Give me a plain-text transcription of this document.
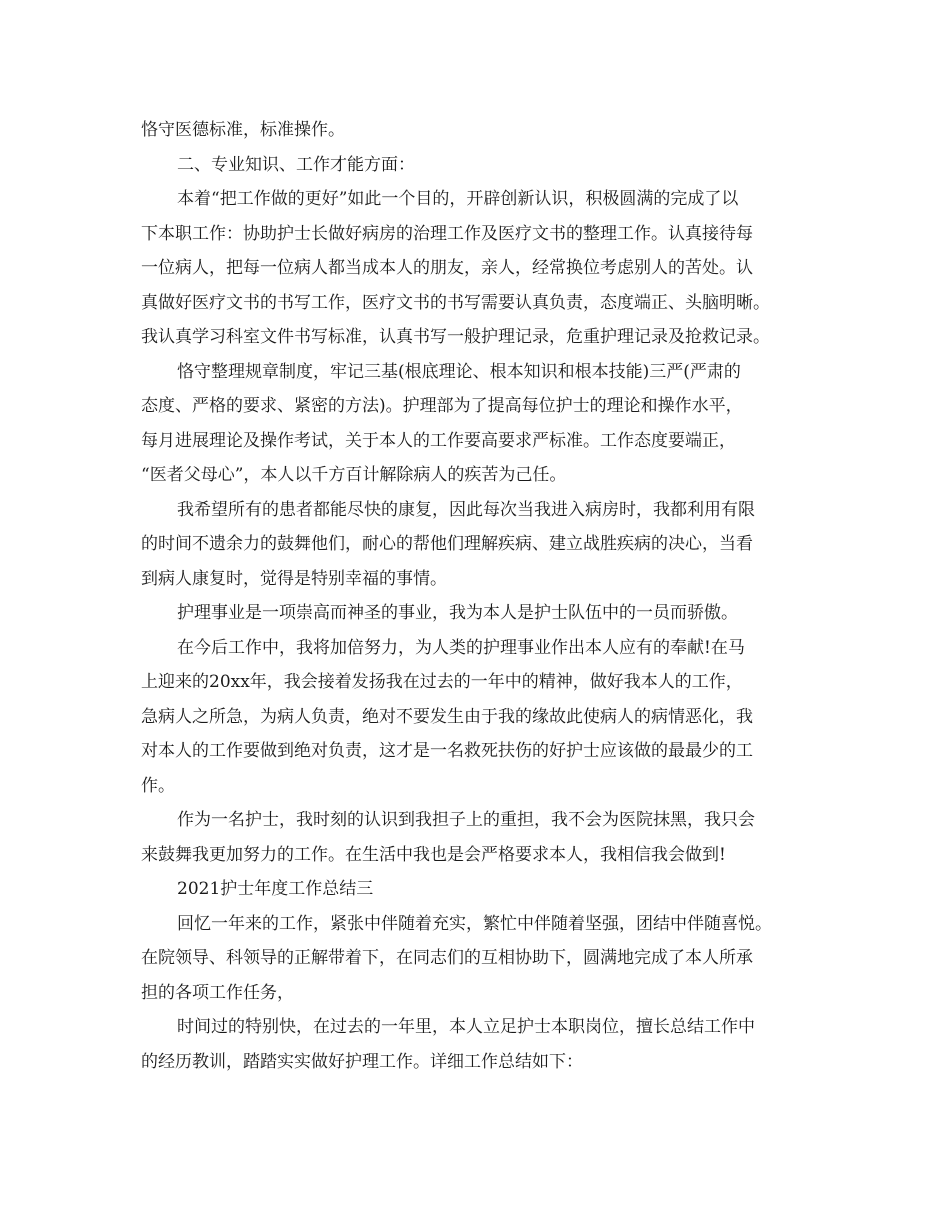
恪守医德标准，标准操作。
二、专业知识、工作才能方面：
本着“把工作做的更好”如此一个目的，开辟创新认识，积极圆满的完成了以
下本职工作：协助护士长做好病房的治理工作及医疗文书的整理工作。认真接待每
一位病人，把每一位病人都当成本人的朋友，亲人，经常换位考虑别人的苦处。认
真做好医疗文书的书写工作，医疗文书的书写需要认真负责，态度端正、头脑明晰。
我认真学习科室文件书写标准，认真书写一般护理记录，危重护理记录及抢救记录。
恪守整理规章制度，牢记三基(根底理论、根本知识和根本技能)三严(严肃的
态度、严格的要求、紧密的方法)。护理部为了提高每位护士的理论和操作水平，
每月进展理论及操作考试，关于本人的工作要高要求严标准。工作态度要端正，
“医者父母心”，本人以千方百计解除病人的疾苦为己任。
我希望所有的患者都能尽快的康复，因此每次当我进入病房时，我都利用有限
的时间不遗余力的鼓舞他们，耐心的帮他们理解疾病、建立战胜疾病的决心，当看
到病人康复时，觉得是特别幸福的事情。
护理事业是一项崇高而神圣的事业，我为本人是护士队伍中的一员而骄傲。
在今后工作中，我将加倍努力，为人类的护理事业作出本人应有的奉献!在马
上迎来的20xx年，我会接着发扬我在过去的一年中的精神，做好我本人的工作，
急病人之所急，为病人负责，绝对不要发生由于我的缘故此使病人的病情恶化，我
对本人的工作要做到绝对负责，这才是一名救死扶伤的好护士应该做的最最少的工
作。
作为一名护士，我时刻的认识到我担子上的重担，我不会为医院抹黑，我只会
来鼓舞我更加努力的工作。在生活中我也是会严格要求本人，我相信我会做到!
2021护士年度工作总结三
回忆一年来的工作，紧张中伴随着充实，繁忙中伴随着坚强，团结中伴随喜悦。
在院领导、科领导的正解带着下，在同志们的互相协助下，圆满地完成了本人所承
担的各项工作任务，
时间过的特别快，在过去的一年里，本人立足护士本职岗位，擅长总结工作中
的经历教训，踏踏实实做好护理工作。详细工作总结如下：
